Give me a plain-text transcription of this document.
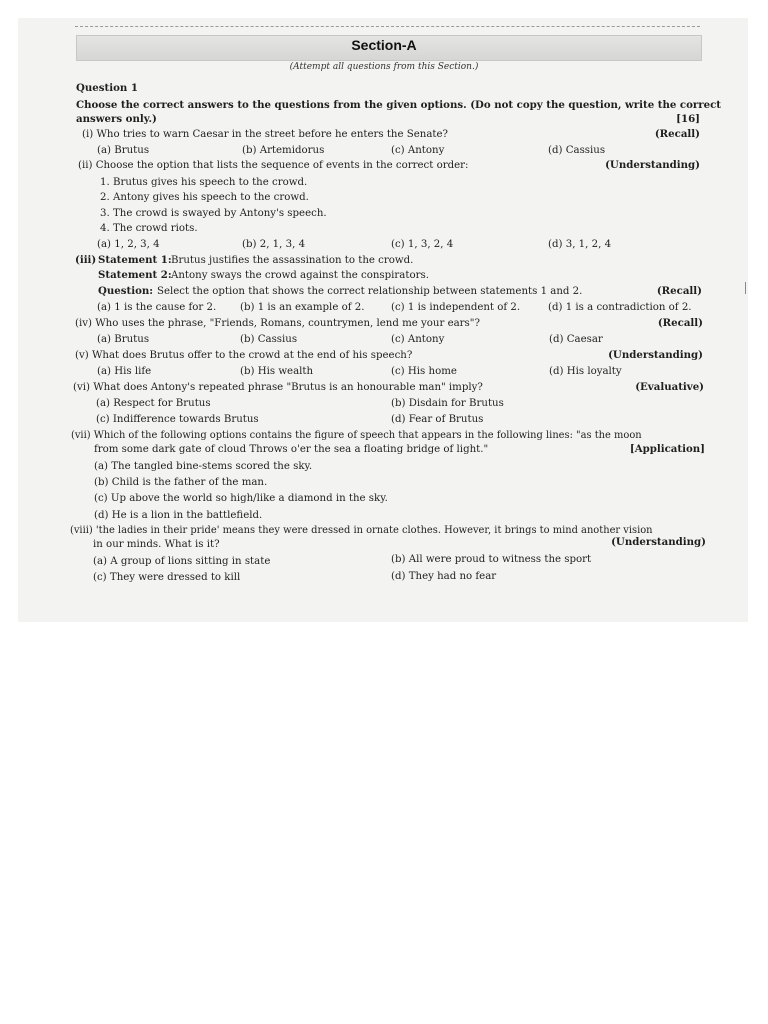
Section-A
(Attempt all questions from this Section.)
Question 1
Choose the correct answers to the questions from the given options. (Do not copy the question, write the correct
answers only.)	[16]
(i) Who tries to warn Caesar in the street before he enters the Senate?	(Recall)
(a) Brutus	(b) Artemidorus	(c) Antony	(d) Cassius
(ii) Choose the option that lists the sequence of events in the correct order:	(Understanding)
1. Brutus gives his speech to the crowd.
2. Antony gives his speech to the crowd.
3. The crowd is swayed by Antony's speech.
4. The crowd riots.
(a) 1, 2, 3, 4	(b) 2, 1, 3, 4	(c) 1, 3, 2, 4	(d) 3, 1, 2, 4
(iii) Statement 1: Brutus justifies the assassination to the crowd.
Statement 2: Antony sways the crowd against the conspirators.
Question: Select the option that shows the correct relationship between statements 1 and 2.	(Recall)
(a) 1 is the cause for 2. (b) 1 is an example of 2.	(c) 1 is independent of 2.	(d) 1 is a contradiction of 2.
(iv) Who uses the phrase, "Friends, Romans, countrymen, lend me your ears"?	(Recall)
(a) Brutus	(b) Cassius	(c) Antony	(d) Caesar
(v) What does Brutus offer to the crowd at the end of his speech?	(Understanding)
(a) His life	(b) His wealth	(c) His home	(d) His loyalty
(vi) What does Antony's repeated phrase "Brutus is an honourable man" imply?	(Evaluative)
(a) Respect for Brutus	(b) Disdain for Brutus
(c) Indifference towards Brutus	(d) Fear of Brutus
(vii) Which of the following options contains the figure of speech that appears in the following lines: "as the moon
from some dark gate of cloud Throws o'er the sea a floating bridge of light."	[Application]
(a) The tangled bine-stems scored the sky.
(b) Child is the father of the man.
(c) Up above the world so high/like a diamond in the sky.
(d) He is a lion in the battlefield.
(viii) 'the ladies in their pride' means they were dressed in ornate clothes. However, it brings to mind another vision
in our minds. What is it?	(Understanding)
(a) A group of lions sitting in state	(b) All were proud to witness the sport
(c) They were dressed to kill	(d) They had no fear
